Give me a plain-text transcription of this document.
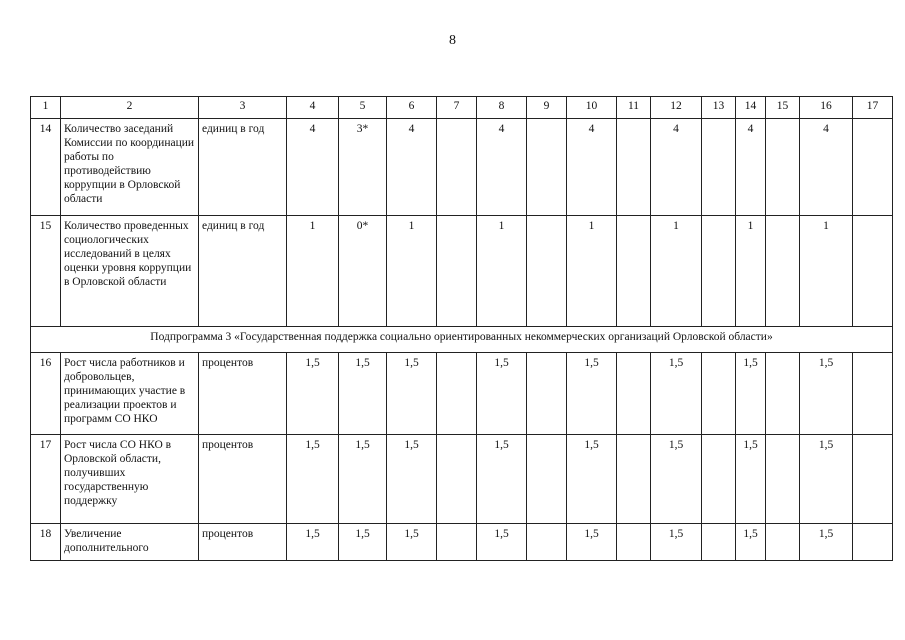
8
1	2	3	4	5	6	7	8	9	10	11	12	13	14	15	16	17
14	Количество заседаний Комиссии по координации работы по противодействию коррупции в Орловской области	единиц в год	4	3*	4		4		4		4		4		4	
15	Количество проведенных социологических исследований в целях оценки уровня коррупции в Орловской области	единиц в год	1	0*	1		1		1		1		1		1	
Подпрограмма 3 «Государственная поддержка социально ориентированных некоммерческих организаций Орловской области»																
16	Рост числа работников и добровольцев, принимающих участие в реализации проектов и программ СО НКО	процентов	1,5	1,5	1,5		1,5		1,5		1,5		1,5		1,5	
17	Рост числа СО НКО в Орловской области, получивших государственную поддержку	процентов	1,5	1,5	1,5		1,5		1,5		1,5		1,5		1,5	
18	Увеличение дополнительного	процентов	1,5	1,5	1,5		1,5		1,5		1,5		1,5		1,5	
